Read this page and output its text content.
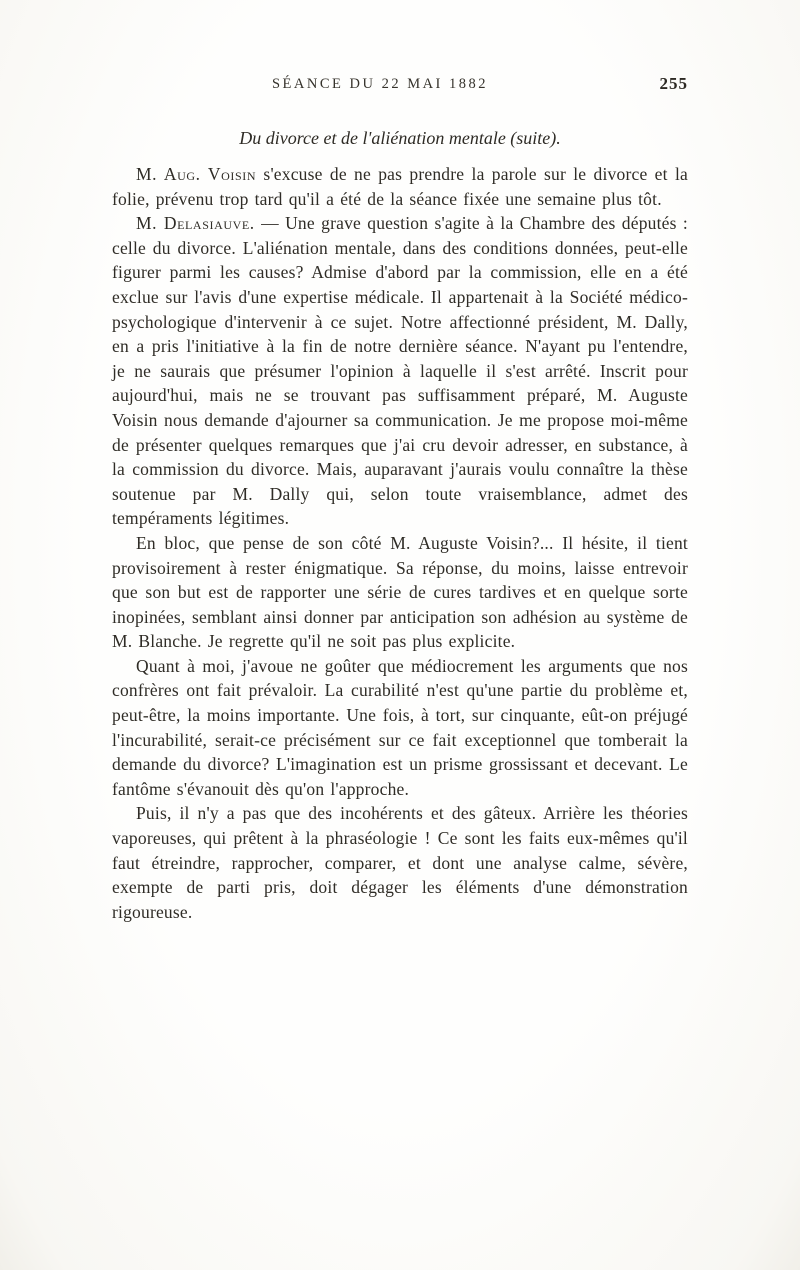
SÉANCE DU 22 MAI 1882	255
Du divorce et de l'aliénation mentale (suite).

M. Aug. Voisin s'excuse de ne pas prendre la parole sur le divorce et la folie, prévenu trop tard qu'il a été de la séance fixée une semaine plus tôt.

M. Delasiauve. — Une grave question s'agite à la Chambre des députés : celle du divorce. L'aliénation mentale, dans des conditions données, peut-elle figurer parmi les causes? Admise d'abord par la commission, elle en a été exclue sur l'avis d'une expertise médicale. Il appartenait à la Société médico-psychologique d'intervenir à ce sujet. Notre affectionné président, M. Dally, en a pris l'initiative à la fin de notre dernière séance. N'ayant pu l'entendre, je ne saurais que présumer l'opinion à laquelle il s'est arrêté. Inscrit pour aujourd'hui, mais ne se trouvant pas suffisamment préparé, M. Auguste Voisin nous demande d'ajourner sa communication. Je me propose moi-même de présenter quelques remarques que j'ai cru devoir adresser, en substance, à la commission du divorce. Mais, auparavant j'aurais voulu connaître la thèse soutenue par M. Dally qui, selon toute vraisemblance, admet des tempéraments légitimes.

En bloc, que pense de son côté M. Auguste Voisin?... Il hésite, il tient provisoirement à rester énigmatique. Sa réponse, du moins, laisse entrevoir que son but est de rapporter une série de cures tardives et en quelque sorte inopinées, semblant ainsi donner par anticipation son adhésion au système de M. Blanche. Je regrette qu'il ne soit pas plus explicite.

Quant à moi, j'avoue ne goûter que médiocrement les arguments que nos confrères ont fait prévaloir. La curabilité n'est qu'une partie du problème et, peut-être, la moins importante. Une fois, à tort, sur cinquante, eût-on préjugé l'incurabilité, serait-ce précisément sur ce fait exceptionnel que tomberait la demande du divorce? L'imagination est un prisme grossissant et decevant. Le fantôme s'évanouit dès qu'on l'approche.

Puis, il n'y a pas que des incohérents et des gâteux. Arrière les théories vaporeuses, qui prêtent à la phraséologie ! Ce sont les faits eux-mêmes qu'il faut étreindre, rapprocher, comparer, et dont une analyse calme, sévère, exempte de parti pris, doit dégager les éléments d'une démonstration rigoureuse.
